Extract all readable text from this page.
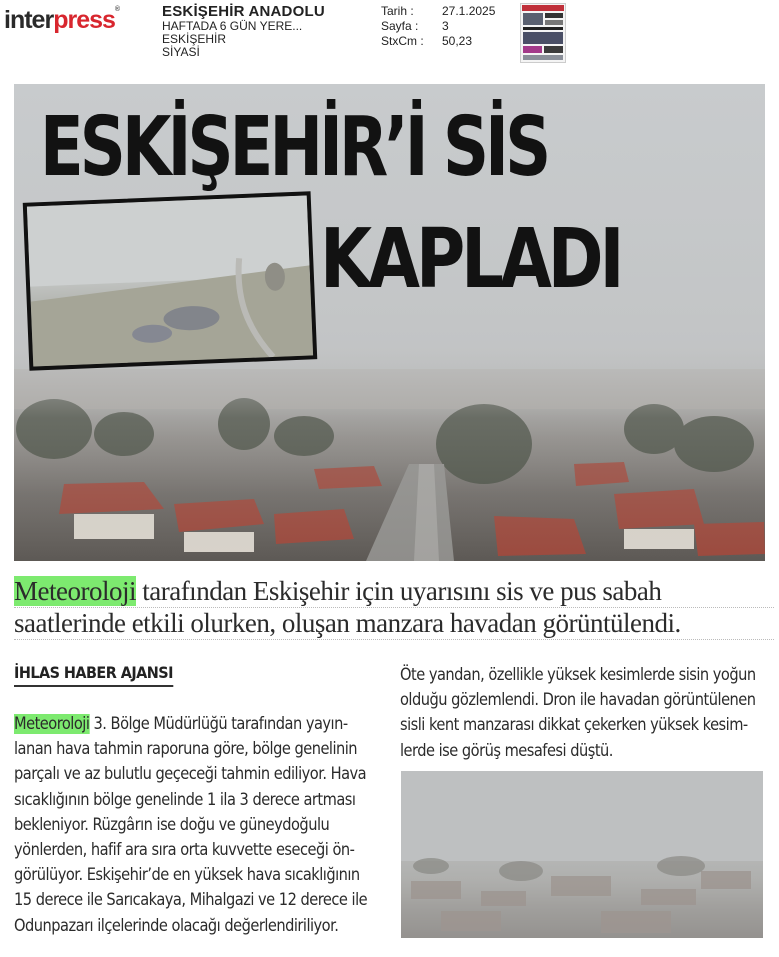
interpress®	ESKİŞEHİR ANADOLU
HAFTADA 6 GÜN YERE...
ESKİŞEHİR
SİYASİ
Tarih :	27.1.2025
Sayfa :	3
StxCm :	50,23
ESKİŞEHİR’İ SİS
KAPLADI
Meteoroloji tarafından Eskişehir için uyarısını sis ve pus sabah
saatlerinde etkili olurken, oluşan manzara havadan görüntülendi.
İHLAS HABER AJANSI
Meteoroloji 3. Bölge Müdürlüğü tarafından yayın-
lanan hava tahmin raporuna göre, bölge genelinin
parçalı ve az bulutlu geçeceği tahmin ediliyor. Hava
sıcaklığının bölge genelinde 1 ila 3 derece artması
bekleniyor. Rüzgârın ise doğu ve güneydoğulu
yönlerden, hafif ara sıra orta kuvvette eseceği ön-
görülüyor. Eskişehir’de en yüksek hava sıcaklığının
15 derece ile Sarıcakaya, Mihalgazi ve 12 derece ile
Odunpazarı ilçelerinde olacağı değerlendiriliyor.
Öte yandan, özellikle yüksek kesimlerde sisin yoğun
olduğu gözlemlendi. Dron ile havadan görüntülenen
sisli kent manzarası dikkat çekerken yüksek kesim-
lerde ise görüş mesafesi düştü.
